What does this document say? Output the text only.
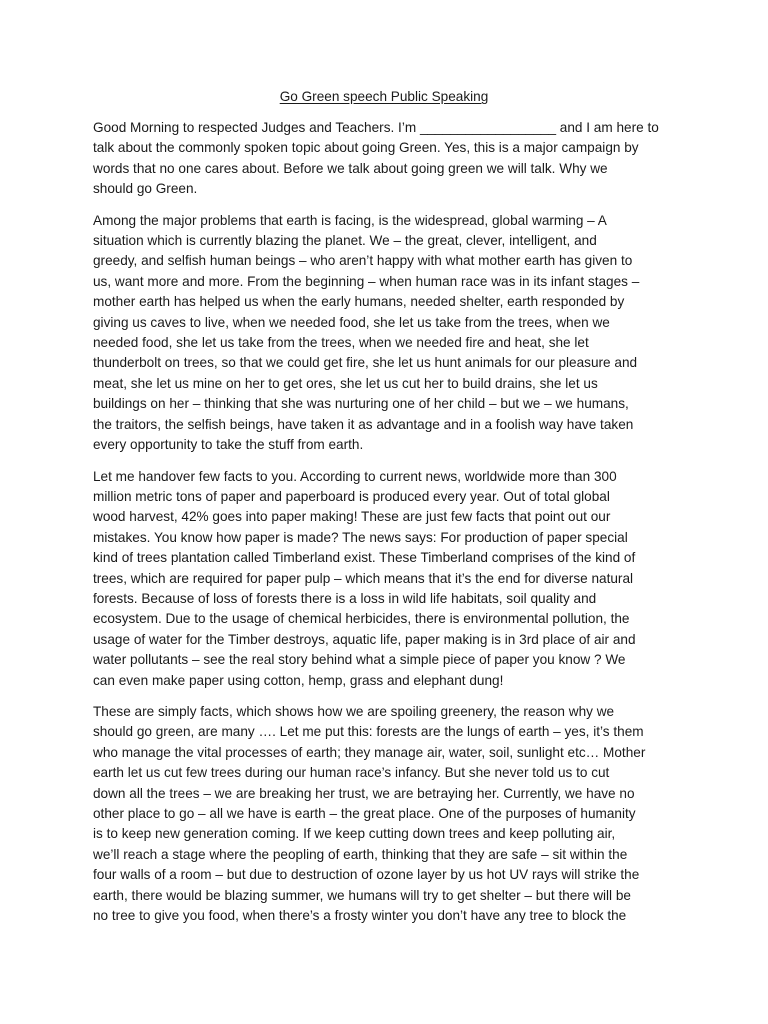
Go Green speech Public Speaking
Good Morning to respected Judges and Teachers. I’m __________________ and I am here to
talk about the commonly spoken topic about going Green. Yes, this is a major campaign by
words that no one cares about. Before we talk about going green we will talk. Why we
should go Green.
Among the major problems that earth is facing, is the widespread, global warming – A
situation which is currently blazing the planet. We – the great, clever, intelligent, and
greedy, and selfish human beings – who aren’t happy with what mother earth has given to
us, want more and more. From the beginning – when human race was in its infant stages –
mother earth has helped us when the early humans, needed shelter, earth responded by
giving us caves to live, when we needed food, she let us take from the trees, when we
needed food, she let us take from the trees, when we needed fire and heat, she let
thunderbolt on trees, so that we could get fire, she let us hunt animals for our pleasure and
meat, she let us mine on her to get ores, she let us cut her to build drains, she let us
buildings on her – thinking that she was nurturing one of her child – but we – we humans,
the traitors, the selfish beings, have taken it as advantage and in a foolish way have taken
every opportunity to take the stuff from earth.
Let me handover few facts to you. According to current news, worldwide more than 300
million metric tons of paper and paperboard is produced every year. Out of total global
wood harvest, 42% goes into paper making! These are just few facts that point out our
mistakes. You know how paper is made? The news says: For production of paper special
kind of trees plantation called Timberland exist. These Timberland comprises of the kind of
trees, which are required for paper pulp – which means that it’s the end for diverse natural
forests. Because of loss of forests there is a loss in wild life habitats, soil quality and
ecosystem. Due to the usage of chemical herbicides, there is environmental pollution, the
usage of water for the Timber destroys, aquatic life, paper making is in 3rd place of air and
water pollutants – see the real story behind what a simple piece of paper you know ? We
can even make paper using cotton, hemp, grass and elephant dung!
These are simply facts, which shows how we are spoiling greenery, the reason why we
should go green, are many …. Let me put this: forests are the lungs of earth – yes, it’s them
who manage the vital processes of earth; they manage air, water, soil, sunlight etc… Mother
earth let us cut few trees during our human race’s infancy. But she never told us to cut
down all the trees – we are breaking her trust, we are betraying her. Currently, we have no
other place to go – all we have is earth – the great place. One of the purposes of humanity
is to keep new generation coming. If we keep cutting down trees and keep polluting air,
we’ll reach a stage where the peopling of earth, thinking that they are safe – sit within the
four walls of a room – but due to destruction of ozone layer by us hot UV rays will strike the
earth, there would be blazing summer, we humans will try to get shelter – but there will be
no tree to give you food, when there’s a frosty winter you don’t have any tree to block the
